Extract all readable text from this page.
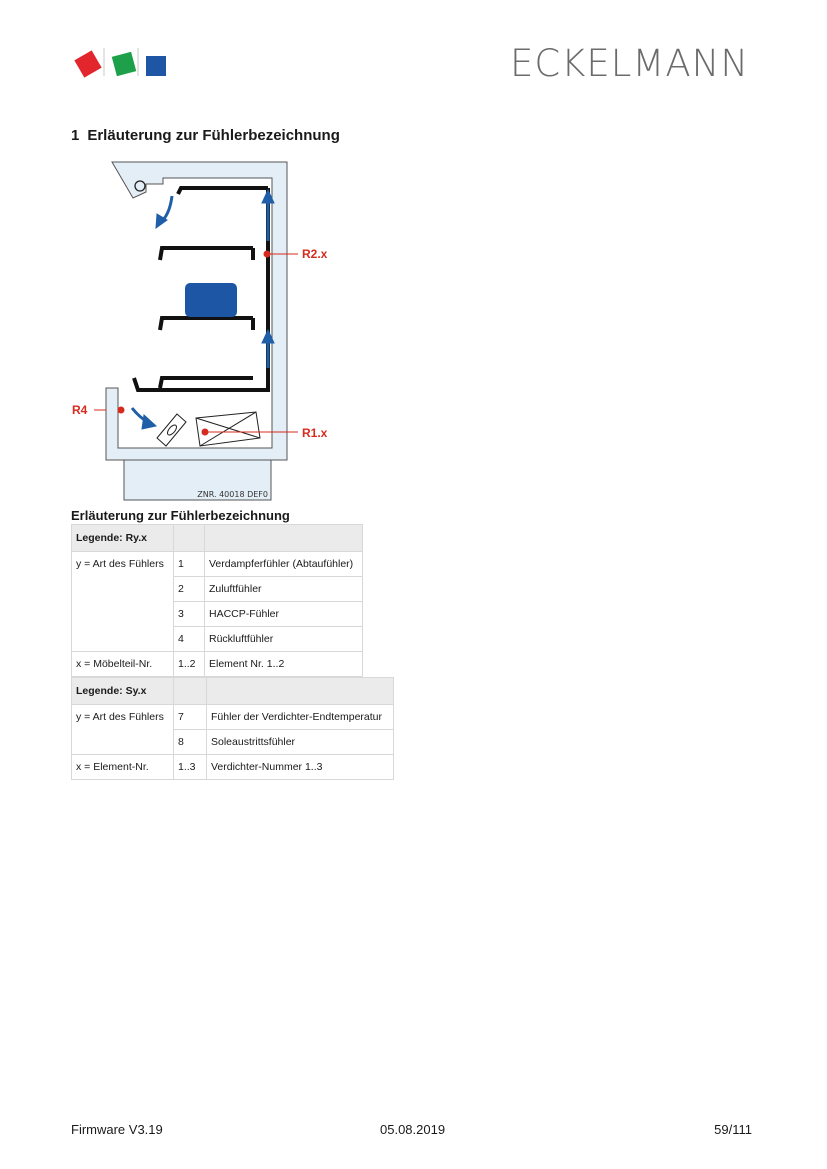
ECKELMANN
1 Erläuterung zur Fühlerbezeichnung
ZNR. 40018 DEF0
R2.x
R4
R1.x
Erläuterung zur Fühlerbezeichnung
Legende: Ry.x		
y = Art des Fühlers	1	Verdampferfühler (Abtaufühler)
	2	Zuluftfühler
	3	HACCP-Fühler
	4	Rückluftfühler
x = Möbelteil-Nr.	1..2	Element Nr. 1..2
Legende: Sy.x		
y = Art des Fühlers	7	Fühler der Verdichter-Endtemperatur
	8	Soleaustrittsfühler
x = Element-Nr.	1..3	Verdichter-Nummer 1..3
Firmware V3.19	05.08.2019	59/111
